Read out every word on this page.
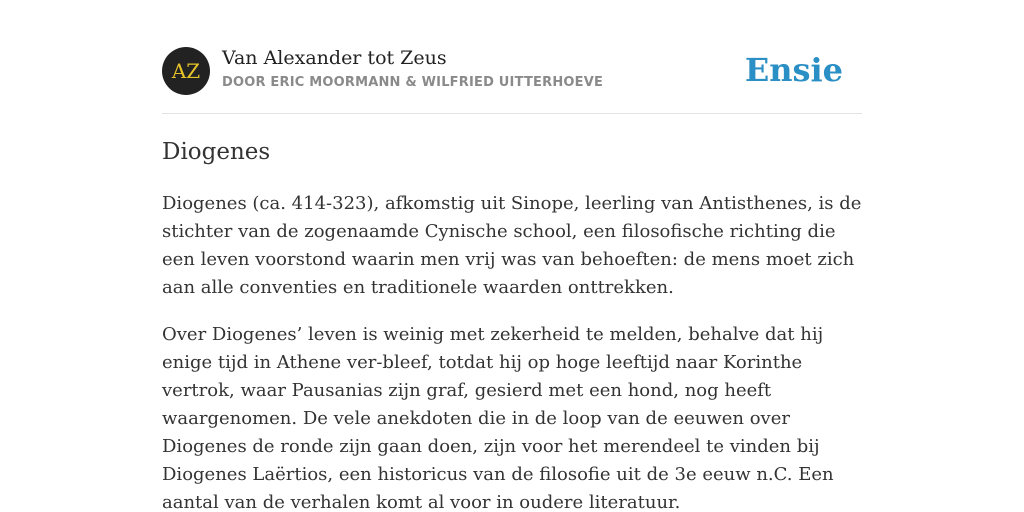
AZ
Van Alexander tot Zeus
DOOR ERIC MOORMANN & WILFRIED UITTERHOEVE	Ensie
Diogenes

Diogenes (ca. 414-323), afkomstig uit Sinope, leerling van Antisthenes, is de stichter van de zogenaamde Cynische school, een filosofische richting die een leven voorstond waarin men vrij was van behoeften: de mens moet zich aan alle conventies en traditionele waarden onttrekken.

Over Diogenes’ leven is weinig met zekerheid te melden, behalve dat hij enige tijd in Athene ver-bleef, totdat hij op hoge leeftijd naar Korinthe vertrok, waar Pausanias zijn graf, gesierd met een hond, nog heeft waargenomen. De vele anekdoten die in de loop van de eeuwen over Diogenes de ronde zijn gaan doen, zijn voor het merendeel te vinden bij Diogenes Laërtios, een historicus van de filosofie uit de 3e eeuw n.C. Een aantal van de verhalen komt al voor in oudere literatuur.
